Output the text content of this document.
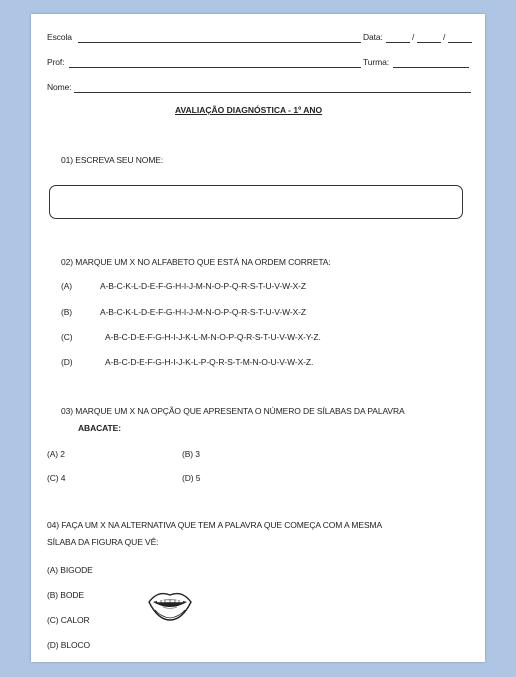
Escola	Data:	/	/
Prof:	Turma:
Nome:
AVALIAÇÃO DIAGNÓSTICA - 1º ANO
01) ESCREVA SEU NOME:
02) MARQUE UM X NO ALFABETO QUE ESTÁ NA ORDEM CORRETA:
(A)	A-B-C-K-L-D-E-F-G-H-I-J-M-N-O-P-Q-R-S-T-U-V-W-X-Z
(B)	A-B-C-K-L-D-E-F-G-H-I-J-M-N-O-P-Q-R-S-T-U-V-W-X-Z
(C)	A-B-C-D-E-F-G-H-I-J-K-L-M-N-O-P-Q-R-S-T-U-V-W-X-Y-Z.
(D)	A-B-C-D-E-F-G-H-I-J-K-L-P-Q-R-S-T-M-N-O-U-V-W-X-Z.
03) MARQUE UM X NA OPÇÃO QUE APRESENTA O NÚMERO DE SÍLABAS DA PALAVRA
ABACATE:
(A) 2	(B) 3
(C) 4	(D) 5
04) FAÇA UM X NA ALTERNATIVA QUE TEM A PALAVRA QUE COMEÇA COM A MESMA
SÍLABA DA FIGURA QUE VÊ:
(A) BIGODE
(B) BODE
(C) CALOR
(D) BLOCO
